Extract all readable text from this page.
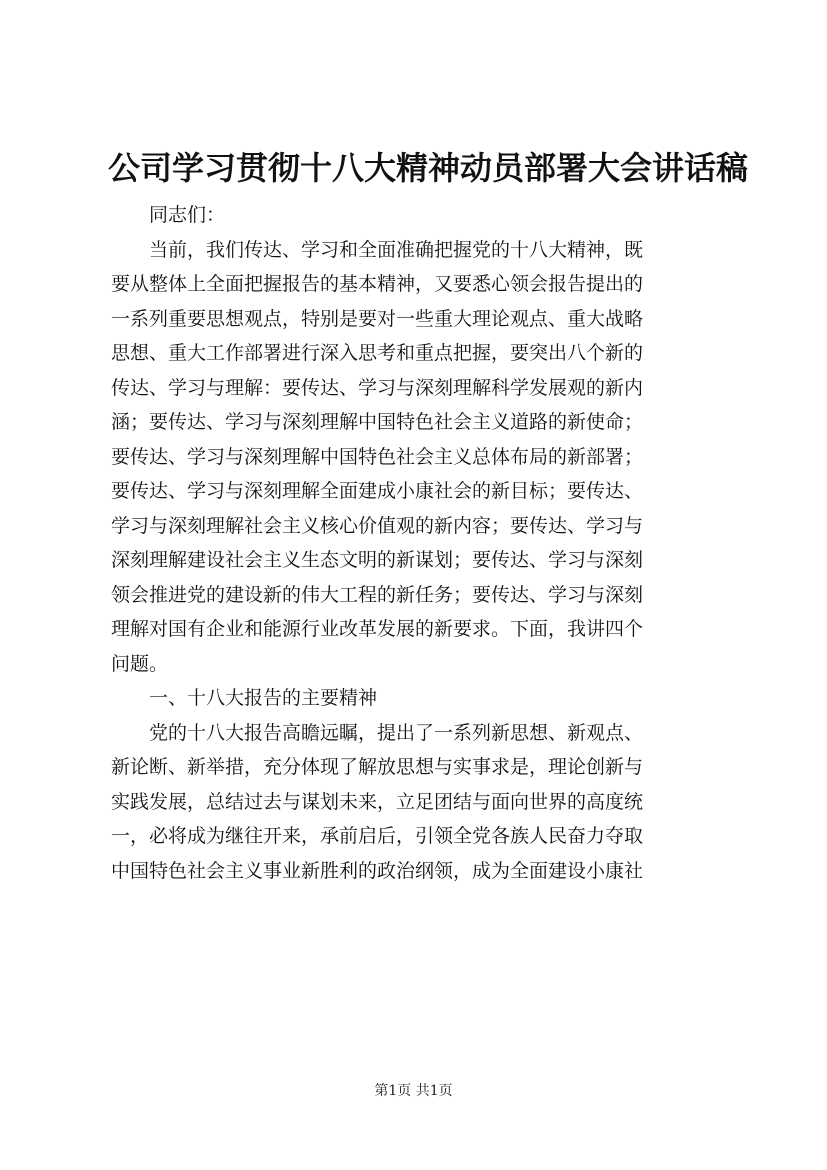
公司学习贯彻十八大精神动员部署大会讲话稿
同志们：
当前，我们传达、学习和全面准确把握党的十八大精神，既
要从整体上全面把握报告的基本精神，又要悉心领会报告提出的
一系列重要思想观点，特别是要对一些重大理论观点、重大战略
思想、重大工作部署进行深入思考和重点把握，要突出八个新的
传达、学习与理解：要传达、学习与深刻理解科学发展观的新内
涵；要传达、学习与深刻理解中国特色社会主义道路的新使命；
要传达、学习与深刻理解中国特色社会主义总体布局的新部署；
要传达、学习与深刻理解全面建成小康社会的新目标；要传达、
学习与深刻理解社会主义核心价值观的新内容；要传达、学习与
深刻理解建设社会主义生态文明的新谋划；要传达、学习与深刻
领会推进党的建设新的伟大工程的新任务；要传达、学习与深刻
理解对国有企业和能源行业改革发展的新要求。下面，我讲四个
问题。
一、十八大报告的主要精神
党的十八大报告高瞻远瞩，提出了一系列新思想、新观点、
新论断、新举措，充分体现了解放思想与实事求是，理论创新与
实践发展，总结过去与谋划未来，立足团结与面向世界的高度统
一，必将成为继往开来，承前启后，引领全党各族人民奋力夺取
中国特色社会主义事业新胜利的政治纲领，成为全面建设小康社
第1页 共1页
